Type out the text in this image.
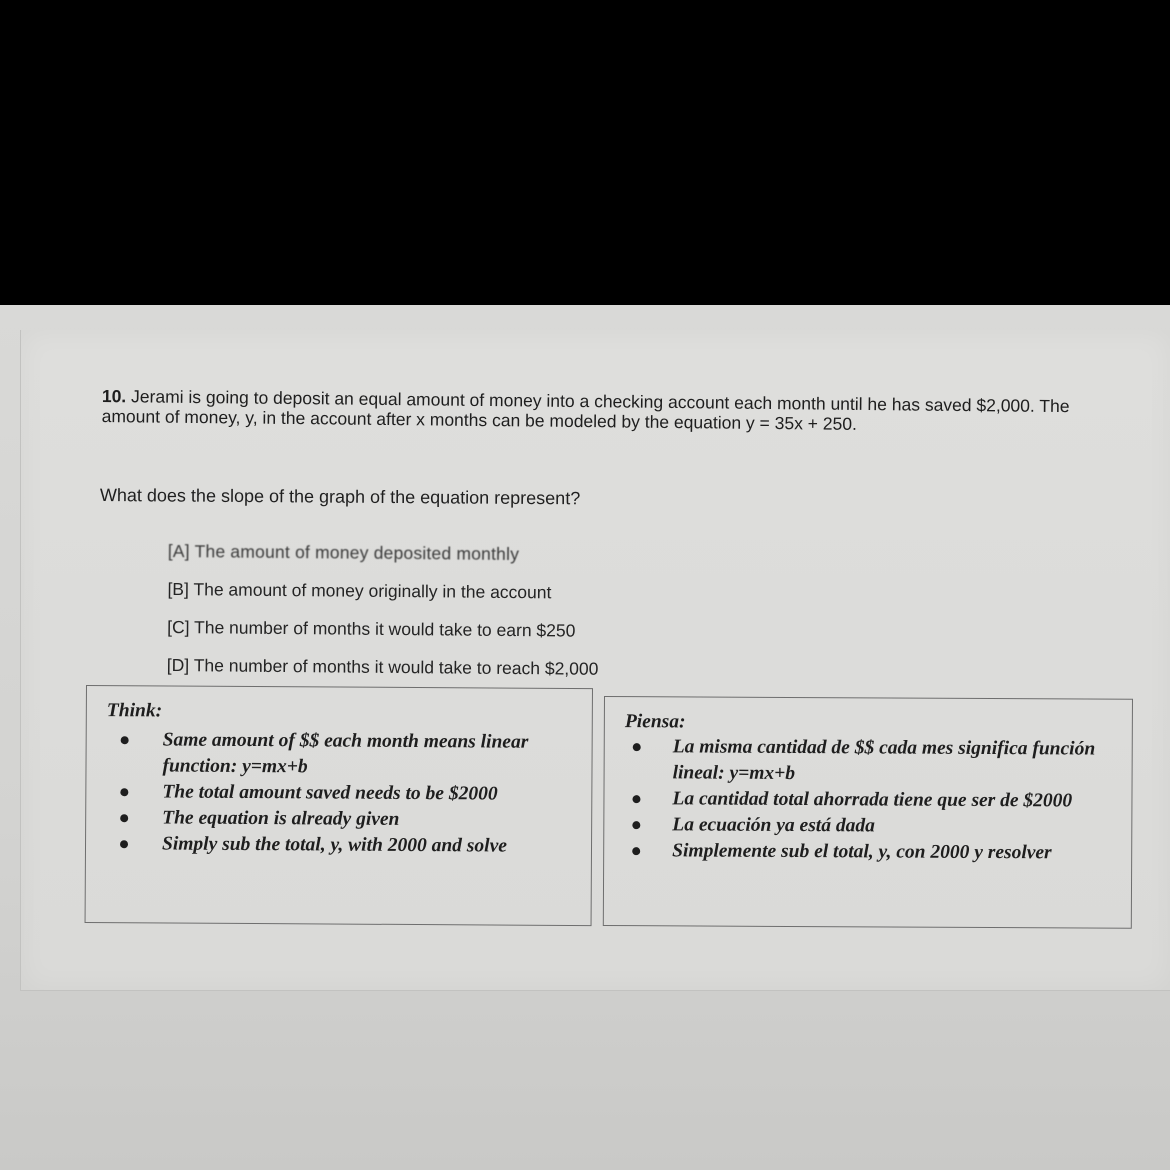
10. Jerami is going to deposit an equal amount of money into a checking account each month until he has saved $2,000. The amount of money, y, in the account after x months can be modeled by the equation y = 35x + 250.
What does the slope of the graph of the equation represent?
[A] The amount of money deposited monthly
[B] The amount of money originally in the account
[C] The number of months it would take to earn $250
[D] The number of months it would take to reach $2,000
Think:
Same amount of $$ each month means linear function: y=mx+b
The total amount saved needs to be $2000
The equation is already given
Simply sub the total, y, with 2000 and solve
Piensa:
La misma cantidad de $$ cada mes significa función lineal: y=mx+b
La cantidad total ahorrada tiene que ser de $2000
La ecuación ya está dada
Simplemente sub el total, y, con 2000 y resolver
